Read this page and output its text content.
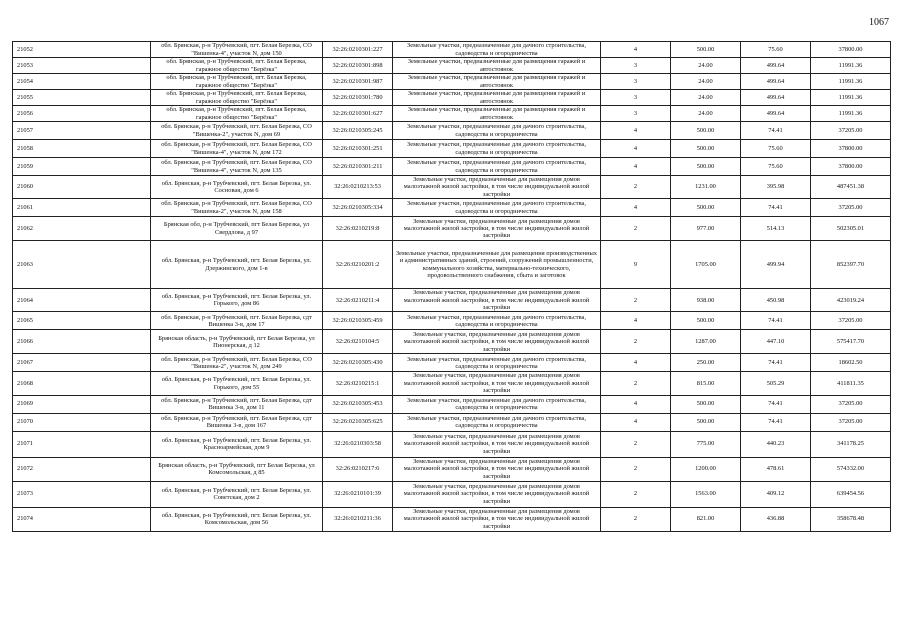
1067
21052	обл. Брянская, р-н Трубчевский, пгт. Белая Березка, СО "Вишенка-4", участок N, дом 150	32:26:0210301:227	Земельные участки, предназначенные для дачного строительства, садоводства и огородничества	4	500.00	75.60	37800.00
21053	обл. Брянская, р-н Трубчевский, пгт. Белая Березка, гаражное общество "Берёзка"	32:26:0210301:898	Земельные участки, предназначенные для размещения гаражей и автостоянок	3	24.00	499.64	11991.36
21054	обл. Брянская, р-н Трубчевский, пгт. Белая Березка, гаражное общество "Берёзка"	32:26:0210301:987	Земельные участки, предназначенные для размещения гаражей и автостоянок	3	24.00	499.64	11991.36
21055	обл. Брянская, р-н Трубчевский, пгт. Белая Березка, гаражное общество "Берёзка"	32:26:0210301:780	Земельные участки, предназначенные для размещения гаражей и автостоянок	3	24.00	499.64	11991.36
21056	обл. Брянская, р-н Трубчевский, пгт. Белая Березка, гаражное общество "Берёзка"	32:26:0210301:627	Земельные участки, предназначенные для размещения гаражей и автостоянок	3	24.00	499.64	11991.36
21057	обл. Брянская, р-н Трубчевский, пгт. Белая Березка, СО "Вишенка-2", участок N, дом 69	32:26:0210305:245	Земельные участки, предназначенные для дачного строительства, садоводства и огородничества	4	500.00	74.41	37205.00
21058	обл. Брянская, р-н Трубчевский, пгт. Белая Березка, СО "Вишенка-4", участок N, дом 172	32:26:0210301:251	Земельные участки, предназначенные для дачного строительства, садоводства и огородничества	4	500.00	75.60	37800.00
21059	обл. Брянская, р-н Трубчевский, пгт. Белая Березка, СО "Вишенка-4", участок N, дом 135	32:26:0210301:211	Земельные участки, предназначенные для дачного строительства, садоводства и огородничества	4	500.00	75.60	37800.00
21060	обл. Брянская, р-н Трубчевский, пгт. Белая Березка, ул. Сосновая, дом 6	32:26:0210213:53	Земельные участки, предназначенные для размещения домов малоэтажной жилой застройки, в том числе индивидуальной жилой застройки	2	1231.00	395.98	487451.38
21061	обл. Брянская, р-н Трубчевский, пгт. Белая Березка, СО "Вишенка-2", участок N, дом 158	32:26:0210305:334	Земельные участки, предназначенные для дачного строительства, садоводства и огородничества	4	500.00	74.41	37205.00
21062	Брянская обл, р-н Трубчевский, пгт Белая Березка, ул Свердлова, д 97	32:26:0210219:8	Земельные участки, предназначенные для размещения домов малоэтажной жилой застройки, в том числе индивидуальной жилой застройки	2	977.00	514.13	502305.01
21063	обл. Брянская, р-н Трубчевский, пгт. Белая Березка, ул. Дзержинского, дом 1-в	32:26:0210201:2	Земельные участки, предназначенные для размещения производственных и административных зданий, строений, сооружений промышленности, коммунального хозяйства, материально-технического, продовольственного снабжения, сбыта и заготовок	9	1705.00	499.94	852397.70
21064	обл. Брянская, р-н Трубчевский, пгт. Белая Березка, ул. Горького, дом 86	32:26:0210211:4	Земельные участки, предназначенные для размещения домов малоэтажной жилой застройки, в том числе индивидуальной жилой застройки	2	938.00	450.98	423019.24
21065	обл. Брянская, р-н Трубчевский, пгт. Белая Березка, сдт Вишенка 3-в, дом 17	32:26:0210305:459	Земельные участки, предназначенные для дачного строительства, садоводства и огородничества	4	500.00	74.41	37205.00
21066	Брянская область, р-н Трубчевский, пгт Белая Березка, ул Пионерская, д 12	32:26:0210104:5	Земельные участки, предназначенные для размещения домов малоэтажной жилой застройки, в том числе индивидуальной жилой застройки	2	1287.00	447.10	575417.70
21067	обл. Брянская, р-н Трубчевский, пгт. Белая Березка, СО "Вишенка-2", участок N, дом 249	32:26:0210305:430	Земельные участки, предназначенные для дачного строительства, садоводства и огородничества	4	250.00	74.41	18602.50
21068	обл. Брянская, р-н Трубчевский, пгт. Белая Березка, ул. Горького, дом 55	32:26:0210215:1	Земельные участки, предназначенные для размещения домов малоэтажной жилой застройки, в том числе индивидуальной жилой застройки	2	815.00	505.29	411811.35
21069	обл. Брянская, р-н Трубчевский, пгт. Белая Березка, сдт Вишенка 3-в, дом 11	32:26:0210305:453	Земельные участки, предназначенные для дачного строительства, садоводства и огородничества	4	500.00	74.41	37205.00
21070	обл. Брянская, р-н Трубчевский, пгт. Белая Березка, сдт Вишенка 3-в, дом 167	32:26:0210305:625	Земельные участки, предназначенные для дачного строительства, садоводства и огородничества	4	500.00	74.41	37205.00
21071	обл. Брянская, р-н Трубчевский, пгт. Белая Березка, ул. Красноармейская, дом 9	32:26:0210303:58	Земельные участки, предназначенные для размещения домов малоэтажной жилой застройки, в том числе индивидуальной жилой застройки	2	775.00	440.23	341178.25
21072	Брянская область, р-н Трубчевский, пгт Белая Березка, ул Комсомольская, д 85	32:26:0210217:6	Земельные участки, предназначенные для размещения домов малоэтажной жилой застройки, в том числе индивидуальной жилой застройки	2	1200.00	478.61	574332.00
21073	обл. Брянская, р-н Трубчевский, пгт. Белая Березка, ул. Советская, дом 2	32:26:0210101:39	Земельные участки, предназначенные для размещения домов малоэтажной жилой застройки, в том числе индивидуальной жилой застройки	2	1563.00	409.12	639454.56
21074	обл. Брянская, р-н Трубчевский, пгт. Белая Березка, ул. Комсомольская, дом 56	32:26:0210211:36	Земельные участки, предназначенные для размещения домов малоэтажной жилой застройки, в том числе индивидуальной жилой застройки	2	821.00	436.88	358678.48
